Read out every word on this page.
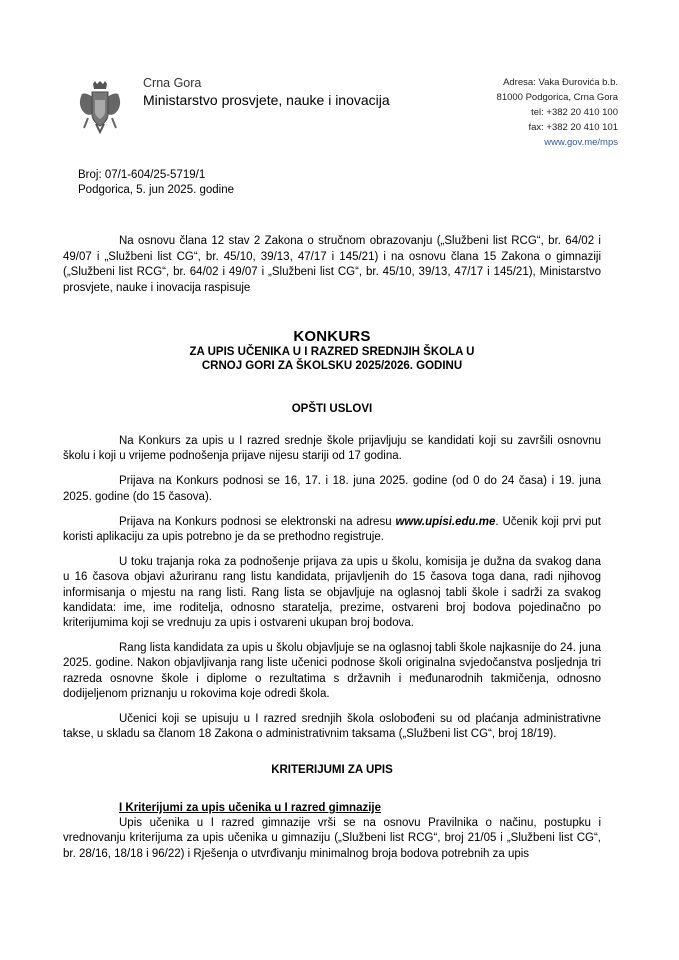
Crna Gora
Ministarstvo prosvjete, nauke i inovacija
Adresa: Vaka Đurovića b.b.
81000 Podgorica, Crna Gora
tel: +382 20 410 100
fax: +382 20 410 101
www.gov.me/mps
Broj: 07/1-604/25-5719/1
Podgorica, 5. jun 2025. godine

Na osnovu člana 12 stav 2 Zakona o stručnom obrazovanju („Službeni list RCG“, br. 64/02 i 49/07 i „Službeni list CG“, br. 45/10, 39/13, 47/17 i 145/21) i na osnovu člana 15 Zakona o gimnaziji („Službeni list RCG“, br. 64/02 i 49/07 i „Službeni list CG“, br. 45/10, 39/13, 47/17 i 145/21), Ministarstvo prosvjete, nauke i inovacija raspisuje

KONKURS
ZA UPIS UČENIKA U I RAZRED SREDNJIH ŠKOLA U
CRNOJ GORI ZA ŠKOLSKU 2025/2026. GODINU
OPŠTI USLOVI

Na Konkurs za upis u I razred srednje škole prijavljuju se kandidati koji su završili osnovnu školu i koji u vrijeme podnošenja prijave nijesu stariji od 17 godina.

Prijava na Konkurs podnosi se 16, 17. i 18. juna 2025. godine (od 0 do 24 časa) i 19. juna 2025. godine (do 15 časova).

Prijava na Konkurs podnosi se elektronski na adresu www.upisi.edu.me. Učenik koji prvi put koristi aplikaciju za upis potrebno je da se prethodno registruje.

U toku trajanja roka za podnošenje prijava za upis u školu, komisija je dužna da svakog dana u 16 časova objavi ažuriranu rang listu kandidata, prijavljenih do 15 časova toga dana, radi njihovog informisanja o mjestu na rang listi. Rang lista se objavljuje na oglasnoj tabli škole i sadrži za svakog kandidata: ime, ime roditelja, odnosno staratelja, prezime, ostvareni broj bodova pojedinačno po kriterijumima koji se vrednuju za upis i ostvareni ukupan broj bodova.

Rang lista kandidata za upis u školu objavljuje se na oglasnoj tabli škole najkasnije do 24. juna 2025. godine. Nakon objavljivanja rang liste učenici podnose školi originalna svjedočanstva posljednja tri razreda osnovne škole i diplome o rezultatima s državnih i međunarodnih takmičenja, odnosno dodijeljenom priznanju u rokovima koje odredi škola.

Učenici koji se upisuju u I razred srednjih škola oslobođeni su od plaćanja administrativne takse, u skladu sa članom 18 Zakona o administrativnim taksama („Službeni list CG“, broj 18/19).

KRITERIJUMI ZA UPIS
I Kriterijumi za upis učenika u I razred gimnazije

Upis učenika u I razred gimnazije vrši se na osnovu Pravilnika o načinu, postupku i vrednovanju kriterijuma za upis učenika u gimnaziju („Službeni list RCG“, broj 21/05 i „Službeni list CG“, br. 28/16, 18/18 i 96/22) i Rješenja o utvrđivanju minimalnog broja bodova potrebnih za upis
